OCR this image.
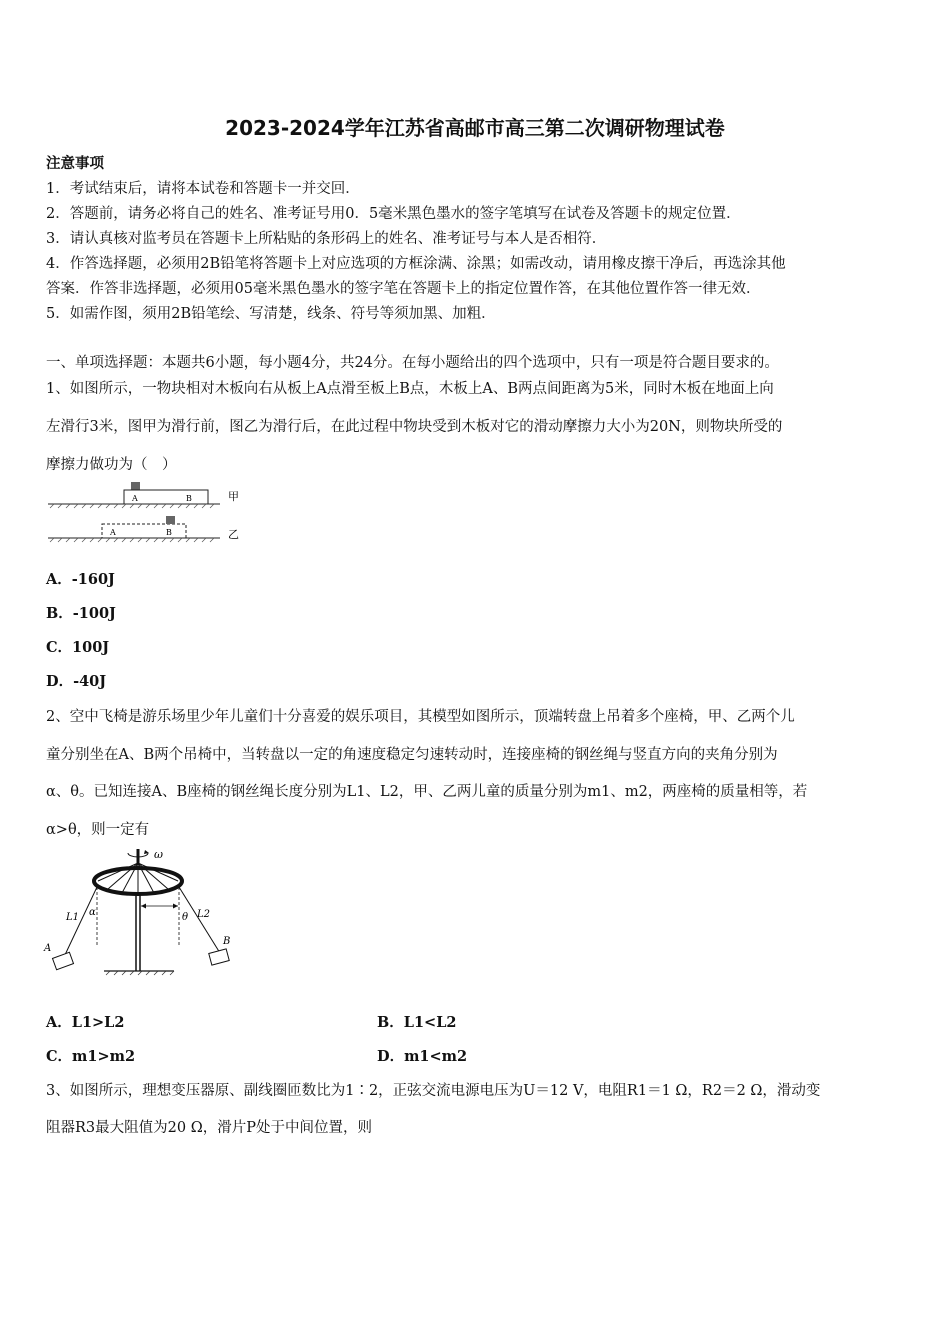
2023-2024学年江苏省高邮市高三第二次调研物理试卷
注意事项
1．考试结束后，请将本试卷和答题卡一并交回．
2．答题前，请务必将自己的姓名、准考证号用0．5毫米黑色墨水的签字笔填写在试卷及答题卡的规定位置．
3．请认真核对监考员在答题卡上所粘贴的条形码上的姓名、准考证号与本人是否相符．
4．作答选择题，必须用2B铅笔将答题卡上对应选项的方框涂满、涂黑；如需改动，请用橡皮擦干净后，再选涂其他
答案．作答非选择题，必须用05毫米黑色墨水的签字笔在答题卡上的指定位置作答，在其他位置作答一律无效．
5．如需作图，须用2B铅笔绘、写清楚，线条、符号等须加黑、加粗．
一、单项选择题：本题共6小题，每小题4分，共24分。在每小题给出的四个选项中，只有一项是符合题目要求的。
1、如图所示，一物块相对木板向右从板上A点滑至板上B点，木板上A、B两点间距离为5米，同时木板在地面上向
左滑行3米，图甲为滑行前，图乙为滑行后，在此过程中物块受到木板对它的滑动摩擦力大小为20N，则物块所受的
摩擦力做功为（　）
A	B	甲
A	B	乙
A．-160J
B．-100J
C．100J
D．-40J
2、空中飞椅是游乐场里少年儿童们十分喜爱的娱乐项目，其模型如图所示，顶端转盘上吊着多个座椅，甲、乙两个儿
童分别坐在A、B两个吊椅中，当转盘以一定的角速度稳定匀速转动时，连接座椅的钢丝绳与竖直方向的夹角分别为
α、θ。已知连接A、B座椅的钢丝绳长度分别为L1、L2，甲、乙两儿童的质量分别为m1、m2，两座椅的质量相等，若
α>θ，则一定有
ω
L1 α
A
L2
θ
B
A．L1>L2	B．L1<L2
C．m1>m2	D．m1<m2
3、如图所示，理想变压器原、副线圈匝数比为1∶2，正弦交流电源电压为U＝12 V，电阻R1＝1 Ω，R2＝2 Ω，滑动变
阻器R3最大阻值为20 Ω，滑片P处于中间位置，则
